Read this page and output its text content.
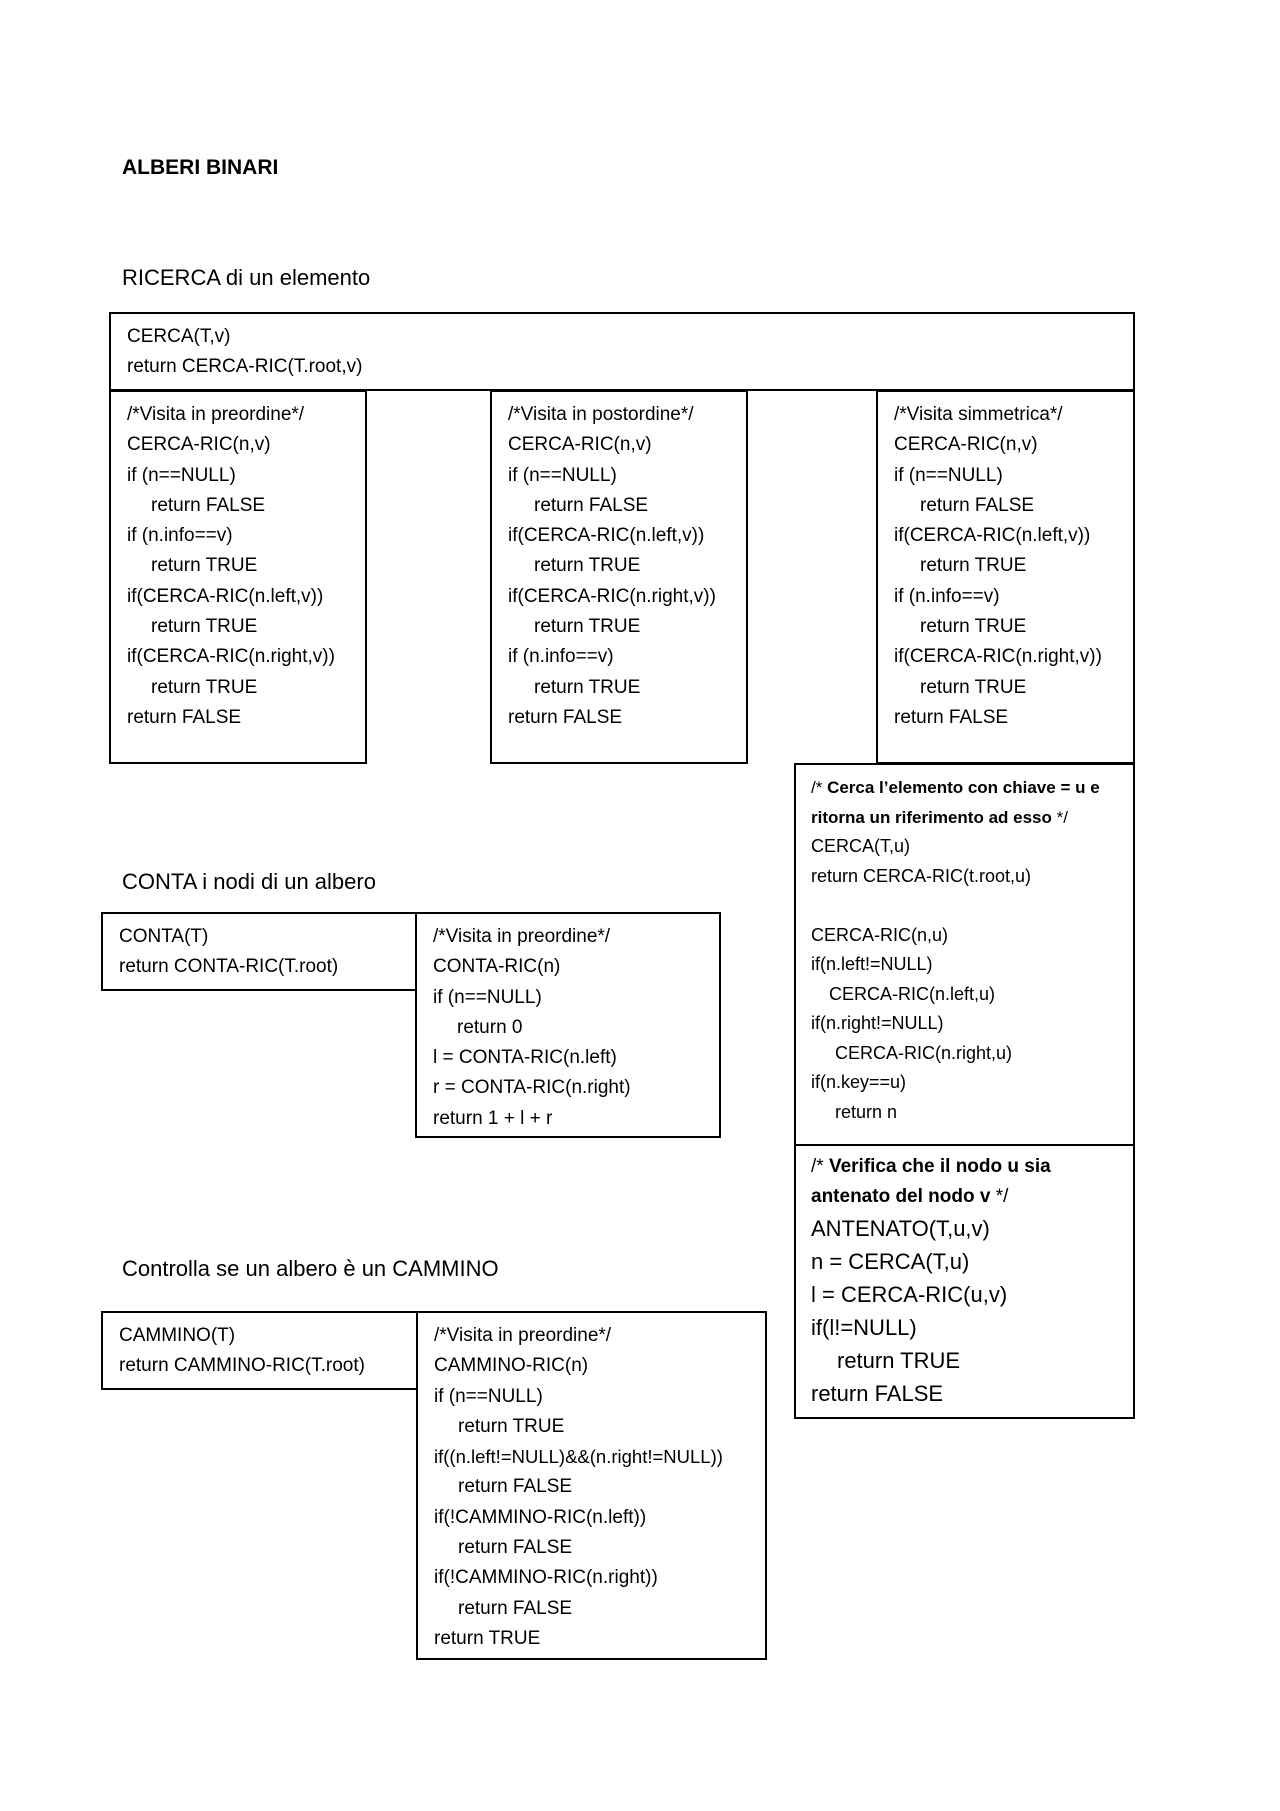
ALBERI BINARI
RICERCA di un elemento
CERCA(T,v)
return CERCA-RIC(T.root,v)
/*Visita in preordine*/
CERCA-RIC(n,v)
if (n==NULL)
return FALSE
if (n.info==v)
return TRUE
if(CERCA-RIC(n.left,v))
return TRUE
if(CERCA-RIC(n.right,v))
return TRUE
return FALSE
/*Visita in postordine*/
CERCA-RIC(n,v)
if (n==NULL)
return FALSE
if(CERCA-RIC(n.left,v))
return TRUE
if(CERCA-RIC(n.right,v))
return TRUE
if (n.info==v)
return TRUE
return FALSE
/*Visita simmetrica*/
CERCA-RIC(n,v)
if (n==NULL)
return FALSE
if(CERCA-RIC(n.left,v))
return TRUE
if (n.info==v)
return TRUE
if(CERCA-RIC(n.right,v))
return TRUE
return FALSE
/* Cerca l’elemento con chiave = u e
ritorna un riferimento ad esso */
CERCA(T,u)
return CERCA-RIC(t.root,u)

CERCA-RIC(n,u)
if(n.left!=NULL)
CERCA-RIC(n.left,u)
if(n.right!=NULL)
CERCA-RIC(n.right,u)
if(n.key==u)
return n
/* Verifica che il nodo u sia
antenato del nodo v */
ANTENATO(T,u,v)
n = CERCA(T,u)
l = CERCA-RIC(u,v)
if(l!=NULL)
return TRUE
return FALSE
CONTA i nodi di un albero
CONTA(T)
return CONTA-RIC(T.root)
/*Visita in preordine*/
CONTA-RIC(n)
if (n==NULL)
return 0
l = CONTA-RIC(n.left)
r = CONTA-RIC(n.right)
return 1 + l + r
Controlla se un albero è un CAMMINO
CAMMINO(T)
return CAMMINO-RIC(T.root)
/*Visita in preordine*/
CAMMINO-RIC(n)
if (n==NULL)
return TRUE
if((n.left!=NULL)&&(n.right!=NULL))
return FALSE
if(!CAMMINO-RIC(n.left))
return FALSE
if(!CAMMINO-RIC(n.right))
return FALSE
return TRUE
